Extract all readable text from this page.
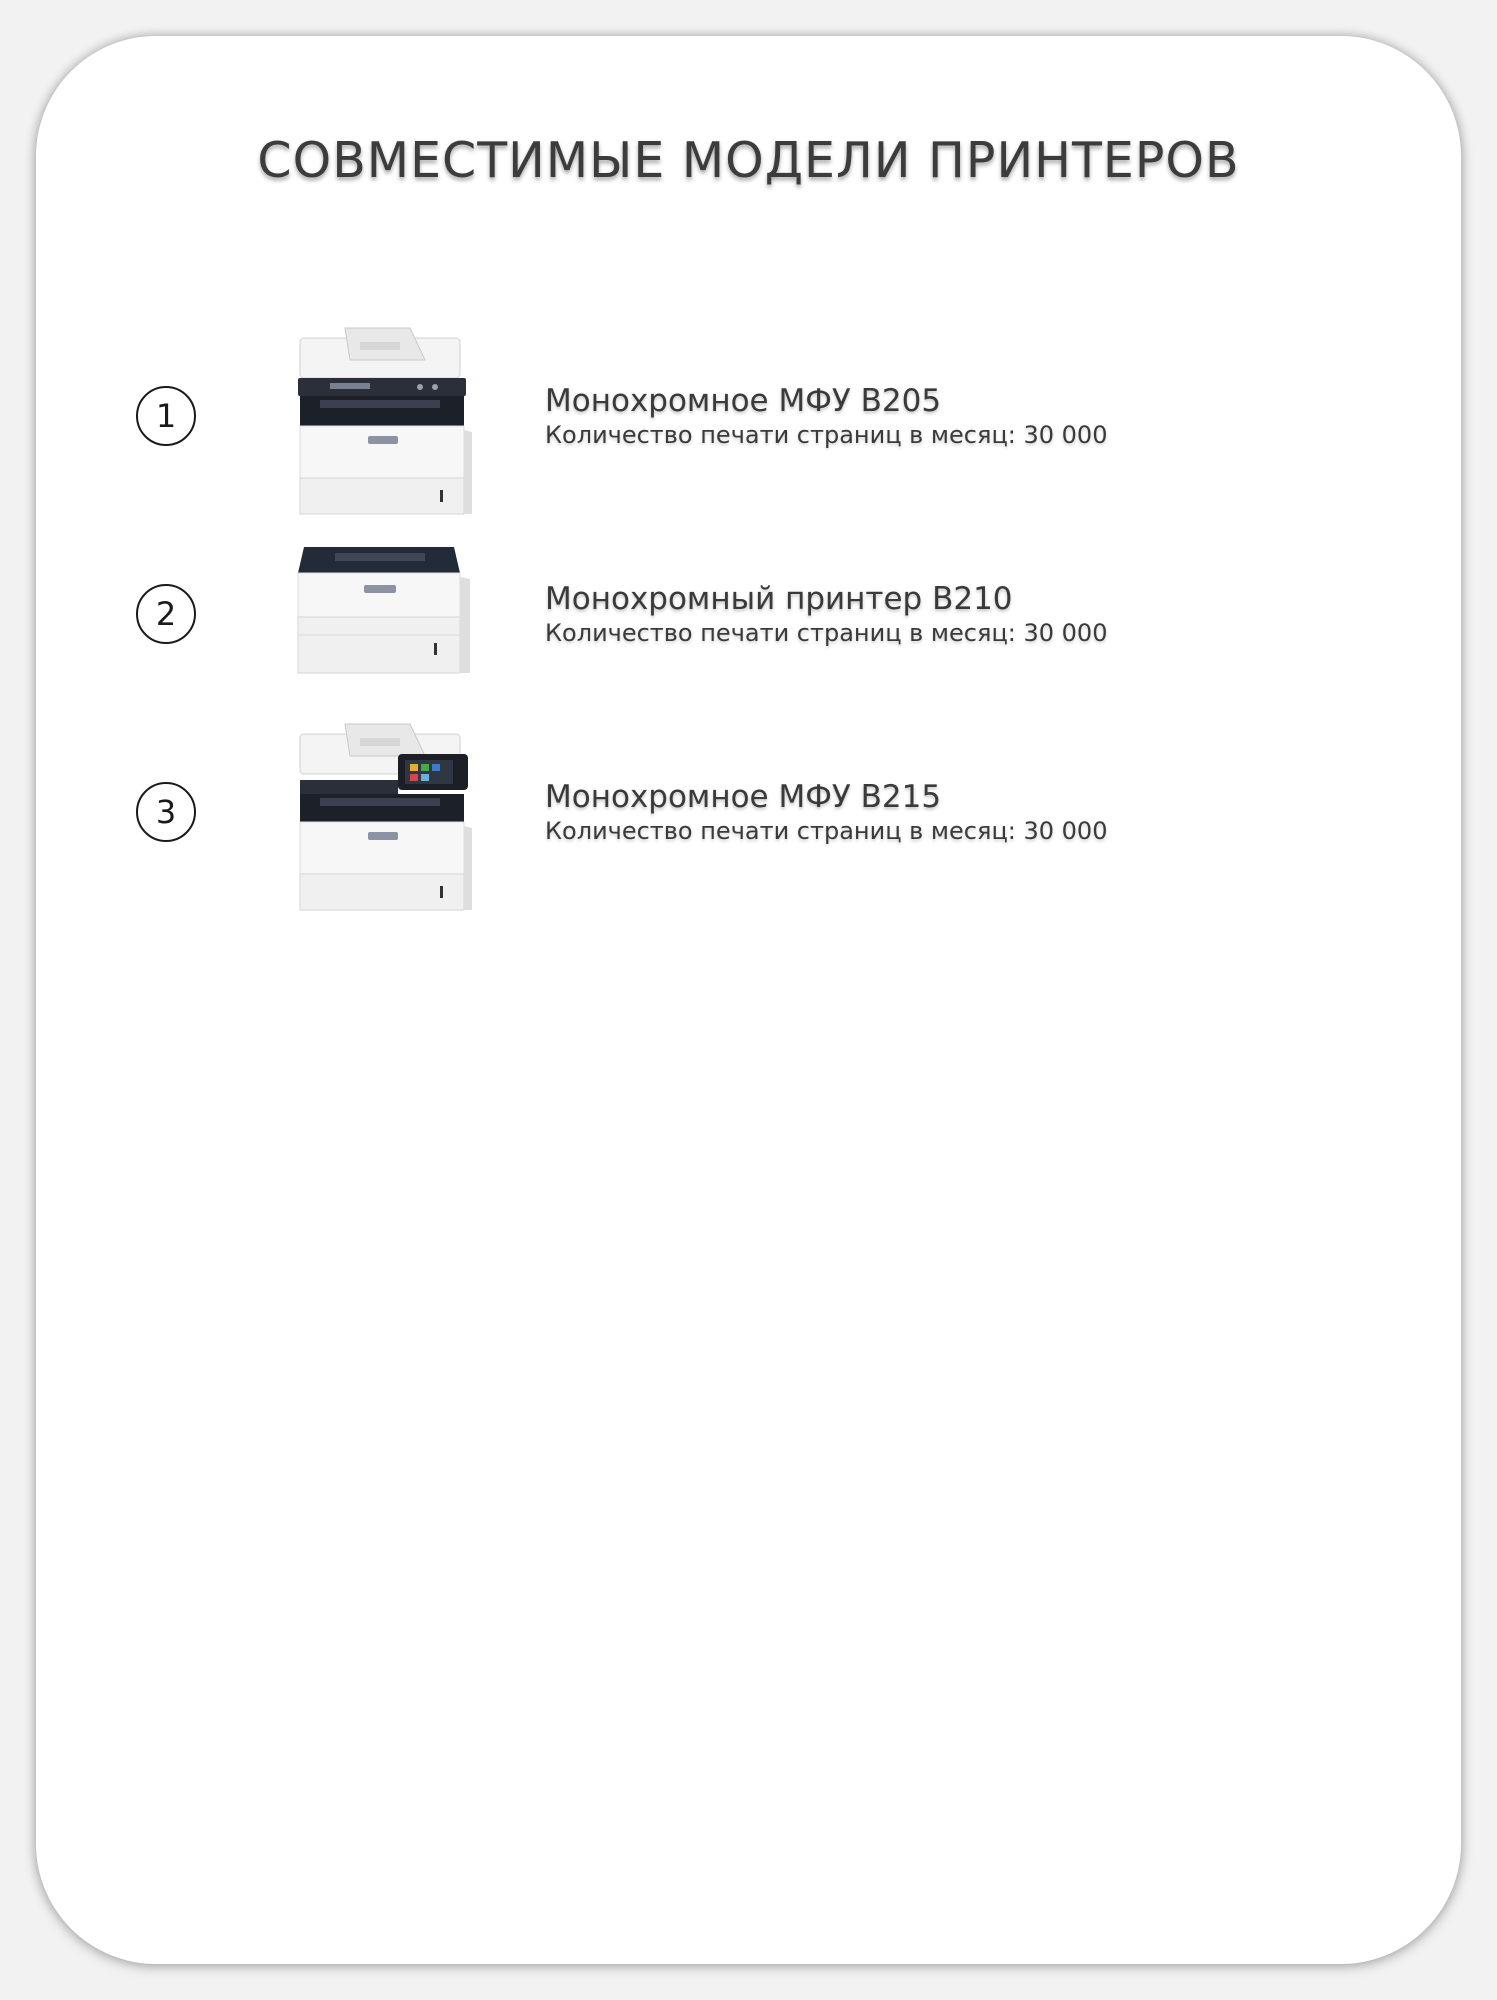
СОВМЕСТИМЫЕ МОДЕЛИ ПРИНТЕРОВ
1	Монохромное МФУ B205
Количество печати страниц в месяц: 30 000
2	Монохромный принтер B210
Количество печати страниц в месяц: 30 000
3	Монохромное МФУ B215
Количество печати страниц в месяц: 30 000
